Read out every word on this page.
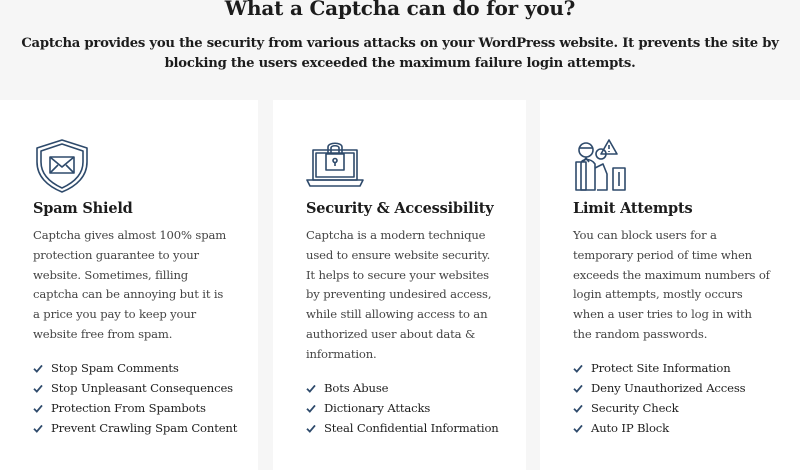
What a Captcha can do for you?
Captcha provides you the security from various attacks on your WordPress website. It prevents the site by blocking the users exceeded the maximum failure login attempts.
Spam Shield

Captcha gives almost 100% spam protection guarantee to your website. Sometimes, filling captcha can be annoying but it is a price you pay to keep your website free from spam.

Stop Spam Comments
Stop Unpleasant Consequences
Protection From Spambots
Prevent Crawling Spam Content
Security & Accessibility

Captcha is a modern technique used to ensure website security. It helps to secure your websites by preventing undesired access, while still allowing access to an authorized user about data & information.

Bots Abuse
Dictionary Attacks
Steal Confidential Information
Limit Attempts

You can block users for a temporary period of time when exceeds the maximum numbers of login attempts, mostly occurs when a user tries to log in with the random passwords.

Protect Site Information
Deny Unauthorized Access
Security Check
Auto IP Block
